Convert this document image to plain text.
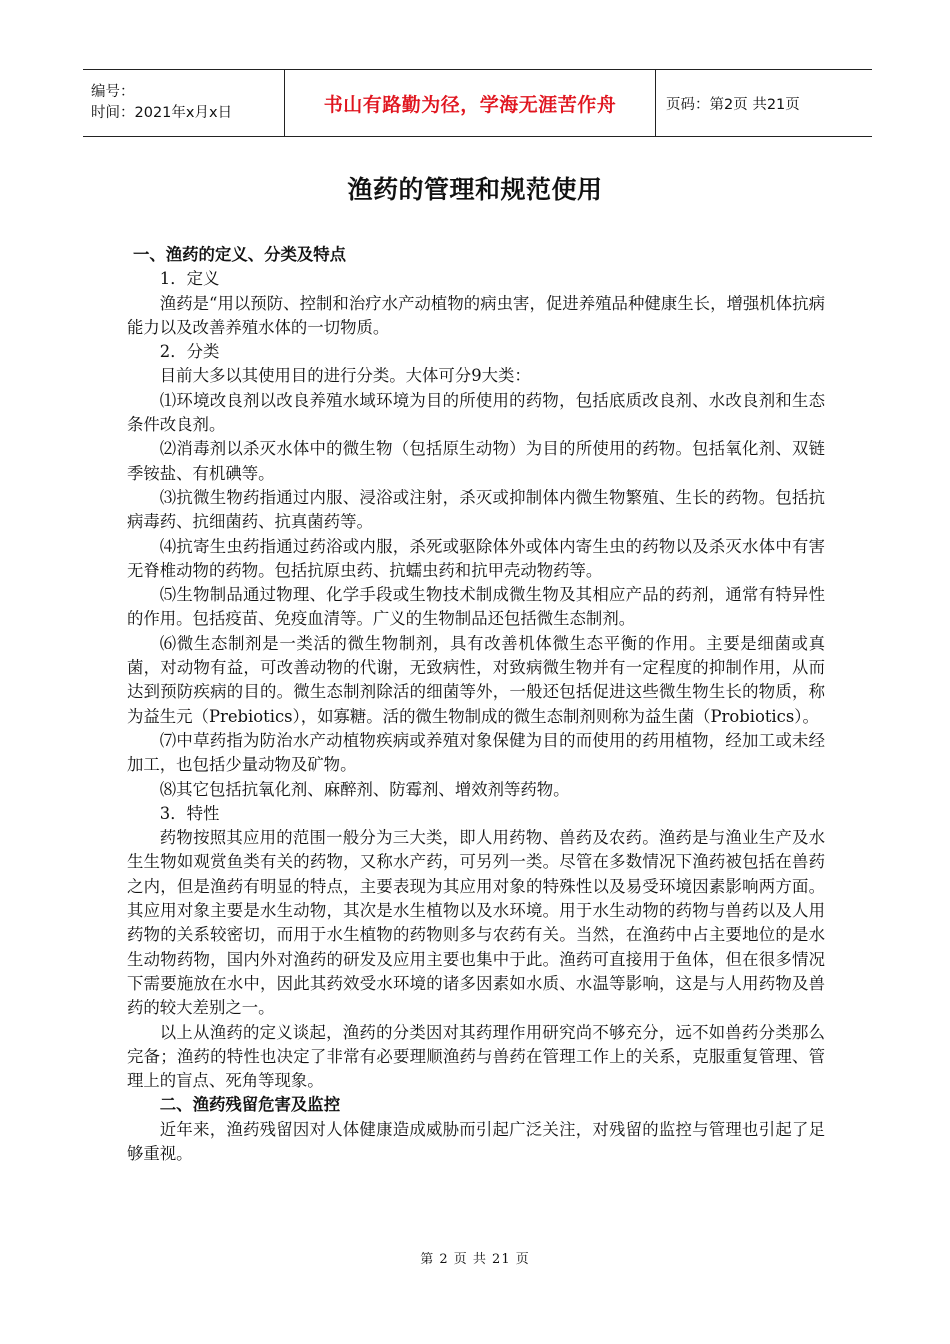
编号：
时间：2021年x月x日	书山有路勤为径，学海无涯苦作舟	页码：第2页 共21页
渔药的管理和规范使用
一、渔药的定义、分类及特点

1．定义

渔药是“用以预防、控制和治疗水产动植物的病虫害，促进养殖品种健康生长，增强机体抗病能力以及改善养殖水体的一切物质。

2．分类

目前大多以其使用目的进行分类。大体可分9大类：

⑴环境改良剂以改良养殖水域环境为目的所使用的药物，包括底质改良剂、水改良剂和生态条件改良剂。

⑵消毒剂以杀灭水体中的微生物（包括原生动物）为目的所使用的药物。包括氧化剂、双链季铵盐、有机碘等。

⑶抗微生物药指通过内服、浸浴或注射，杀灭或抑制体内微生物繁殖、生长的药物。包括抗病毒药、抗细菌药、抗真菌药等。

⑷抗寄生虫药指通过药浴或内服，杀死或驱除体外或体内寄生虫的药物以及杀灭水体中有害无脊椎动物的药物。包括抗原虫药、抗蠕虫药和抗甲壳动物药等。

⑸生物制品通过物理、化学手段或生物技术制成微生物及其相应产品的药剂，通常有特异性的作用。包括疫苗、免疫血清等。广义的生物制品还包括微生态制剂。

⑹微生态制剂是一类活的微生物制剂，具有改善机体微生态平衡的作用。主要是细菌或真菌，对动物有益，可改善动物的代谢，无致病性，对致病微生物并有一定程度的抑制作用，从而达到预防疾病的目的。微生态制剂除活的细菌等外，一般还包括促进这些微生物生长的物质，称为益生元（Prebiotics），如寡糖。活的微生物制成的微生态制剂则称为益生菌（Probiotics）。

⑺中草药指为防治水产动植物疾病或养殖对象保健为目的而使用的药用植物，经加工或未经加工，也包括少量动物及矿物。

⑻其它包括抗氧化剂、麻醉剂、防霉剂、增效剂等药物。

3．特性

药物按照其应用的范围一般分为三大类，即人用药物、兽药及农药。渔药是与渔业生产及水生生物如观赏鱼类有关的药物，又称水产药，可另列一类。尽管在多数情况下渔药被包括在兽药之内，但是渔药有明显的特点，主要表现为其应用对象的特殊性以及易受环境因素影响两方面。其应用对象主要是水生动物，其次是水生植物以及水环境。用于水生动物的药物与兽药以及人用药物的关系较密切，而用于水生植物的药物则多与农药有关。当然，在渔药中占主要地位的是水生动物药物，国内外对渔药的研发及应用主要也集中于此。渔药可直接用于鱼体，但在很多情况下需要施放在水中，因此其药效受水环境的诸多因素如水质、水温等影响，这是与人用药物及兽药的较大差别之一。

以上从渔药的定义谈起，渔药的分类因对其药理作用研究尚不够充分，远不如兽药分类那么完备；渔药的特性也决定了非常有必要理顺渔药与兽药在管理工作上的关系，克服重复管理、管理上的盲点、死角等现象。

二、渔药残留危害及监控

近年来，渔药残留因对人体健康造成威胁而引起广泛关注，对残留的监控与管理也引起了足够重视。

第 2 页 共 21 页
